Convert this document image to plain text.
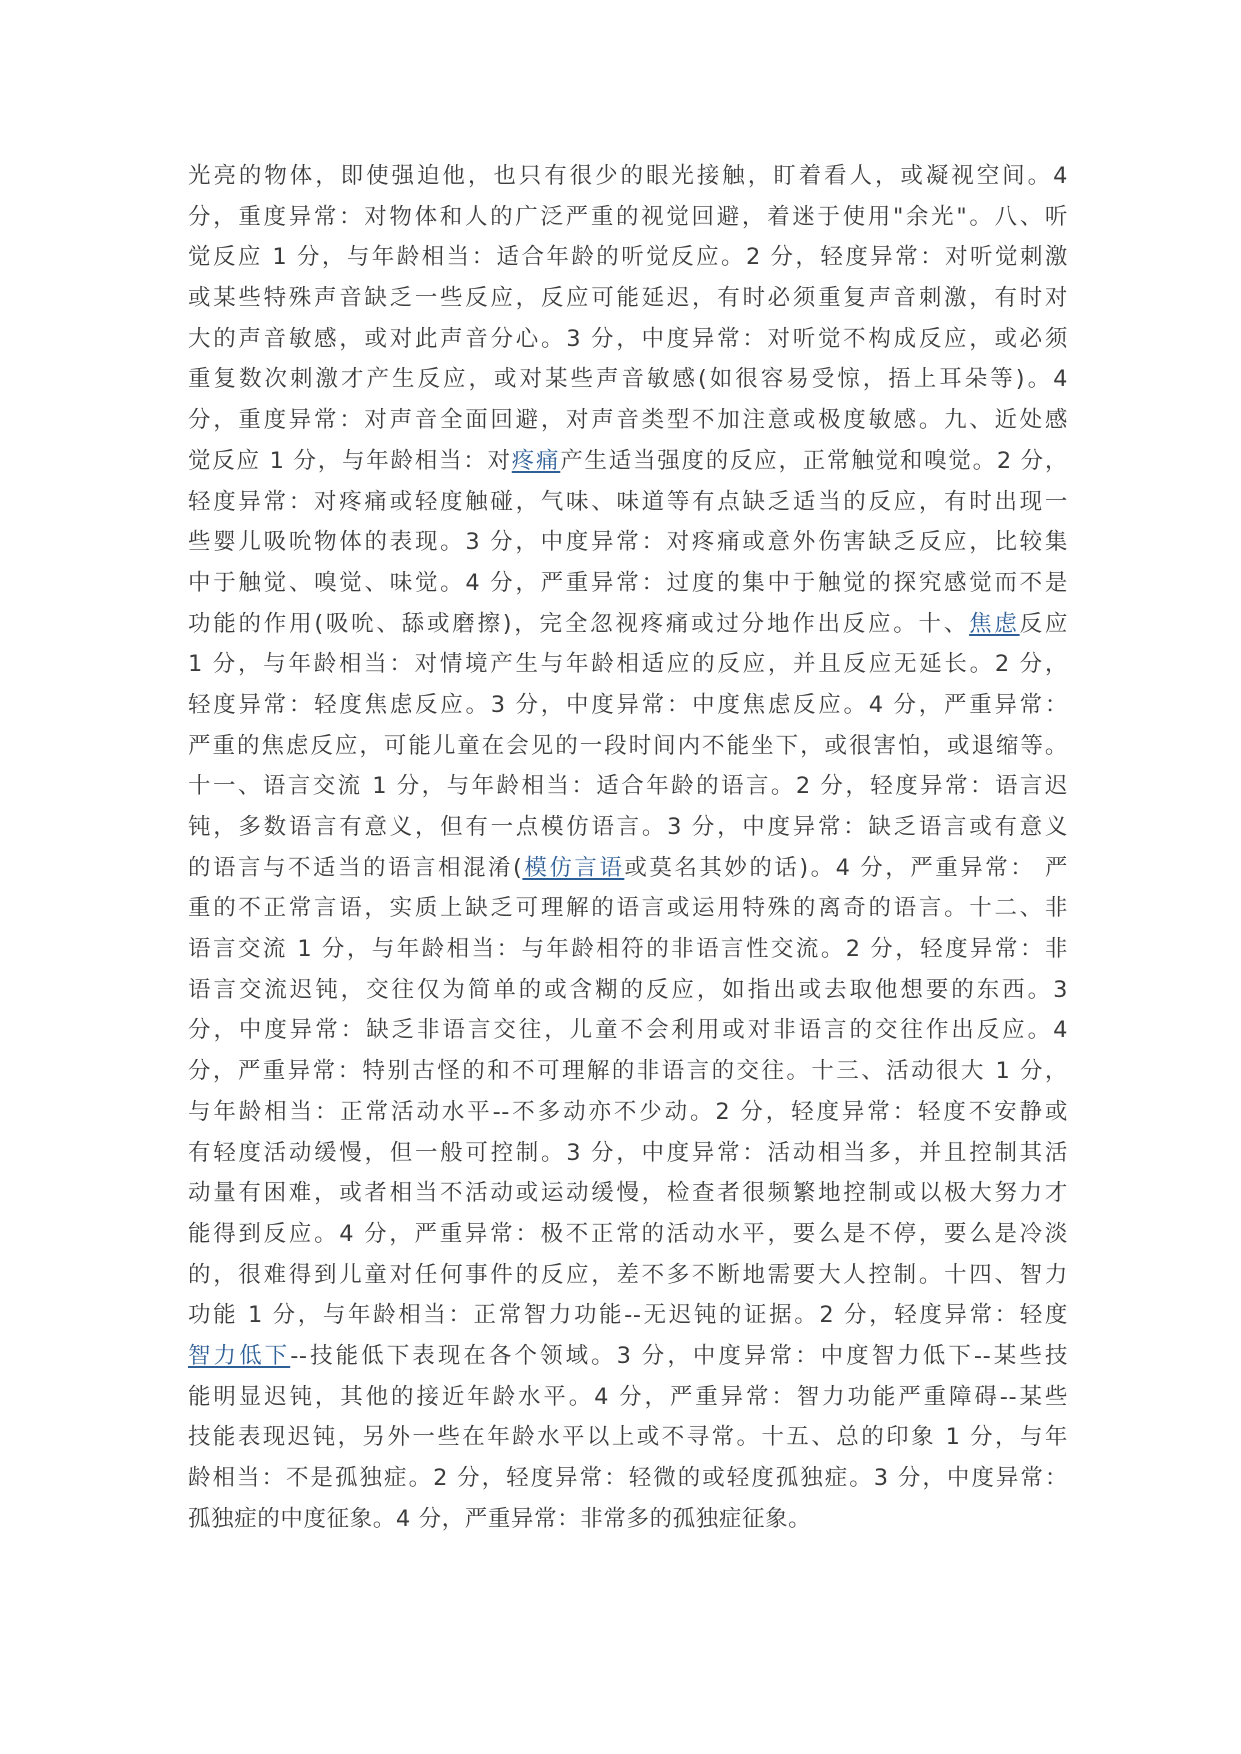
光亮的物体，即使强迫他，也只有很少的眼光接触，盯着看人，或凝视空间。4
分，重度异常：对物体和人的广泛严重的视觉回避，着迷于使用"余光"。八、听
觉反应 1 分，与年龄相当：适合年龄的听觉反应。2 分，轻度异常：对听觉刺激
或某些特殊声音缺乏一些反应，反应可能延迟，有时必须重复声音刺激，有时对
大的声音敏感，或对此声音分心。3 分，中度异常：对听觉不构成反应，或必须
重复数次刺激才产生反应，或对某些声音敏感(如很容易受惊，捂上耳朵等)。4
分，重度异常：对声音全面回避，对声音类型不加注意或极度敏感。九、近处感
觉反应 1 分，与年龄相当：对疼痛产生适当强度的反应，正常触觉和嗅觉。2 分，
轻度异常：对疼痛或轻度触碰，气味、味道等有点缺乏适当的反应，有时出现一
些婴儿吸吮物体的表现。3 分，中度异常：对疼痛或意外伤害缺乏反应，比较集
中于触觉、嗅觉、味觉。4 分，严重异常：过度的集中于触觉的探究感觉而不是
功能的作用(吸吮、舔或磨擦)，完全忽视疼痛或过分地作出反应。十、焦虑反应
1 分，与年龄相当：对情境产生与年龄相适应的反应，并且反应无延长。2 分，
轻度异常：轻度焦虑反应。3 分，中度异常：中度焦虑反应。4 分，严重异常：
严重的焦虑反应，可能儿童在会见的一段时间内不能坐下，或很害怕，或退缩等。
十一、语言交流 1 分，与年龄相当：适合年龄的语言。2 分，轻度异常：语言迟
钝，多数语言有意义，但有一点模仿语言。3 分，中度异常：缺乏语言或有意义
的语言与不适当的语言相混淆(模仿言语或莫名其妙的话)。4 分，严重异常： 严
重的不正常言语，实质上缺乏可理解的语言或运用特殊的离奇的语言。十二、非
语言交流 1 分，与年龄相当：与年龄相符的非语言性交流。2 分，轻度异常：非
语言交流迟钝，交往仅为简单的或含糊的反应，如指出或去取他想要的东西。3
分，中度异常：缺乏非语言交往，儿童不会利用或对非语言的交往作出反应。4
分，严重异常：特别古怪的和不可理解的非语言的交往。十三、活动很大 1 分，
与年龄相当：正常活动水平--不多动亦不少动。2 分，轻度异常：轻度不安静或
有轻度活动缓慢，但一般可控制。3 分，中度异常：活动相当多，并且控制其活
动量有困难，或者相当不活动或运动缓慢，检查者很频繁地控制或以极大努力才
能得到反应。4 分，严重异常：极不正常的活动水平，要么是不停，要么是冷淡
的，很难得到儿童对任何事件的反应，差不多不断地需要大人控制。十四、智力
功能 1 分，与年龄相当：正常智力功能--无迟钝的证据。2 分，轻度异常：轻度
智力低下--技能低下表现在各个领域。3 分，中度异常：中度智力低下--某些技
能明显迟钝，其他的接近年龄水平。4 分，严重异常：智力功能严重障碍--某些
技能表现迟钝，另外一些在年龄水平以上或不寻常。十五、总的印象 1 分，与年
龄相当：不是孤独症。2 分，轻度异常：轻微的或轻度孤独症。3 分，中度异常：
孤独症的中度征象。4 分，严重异常：非常多的孤独症征象。
